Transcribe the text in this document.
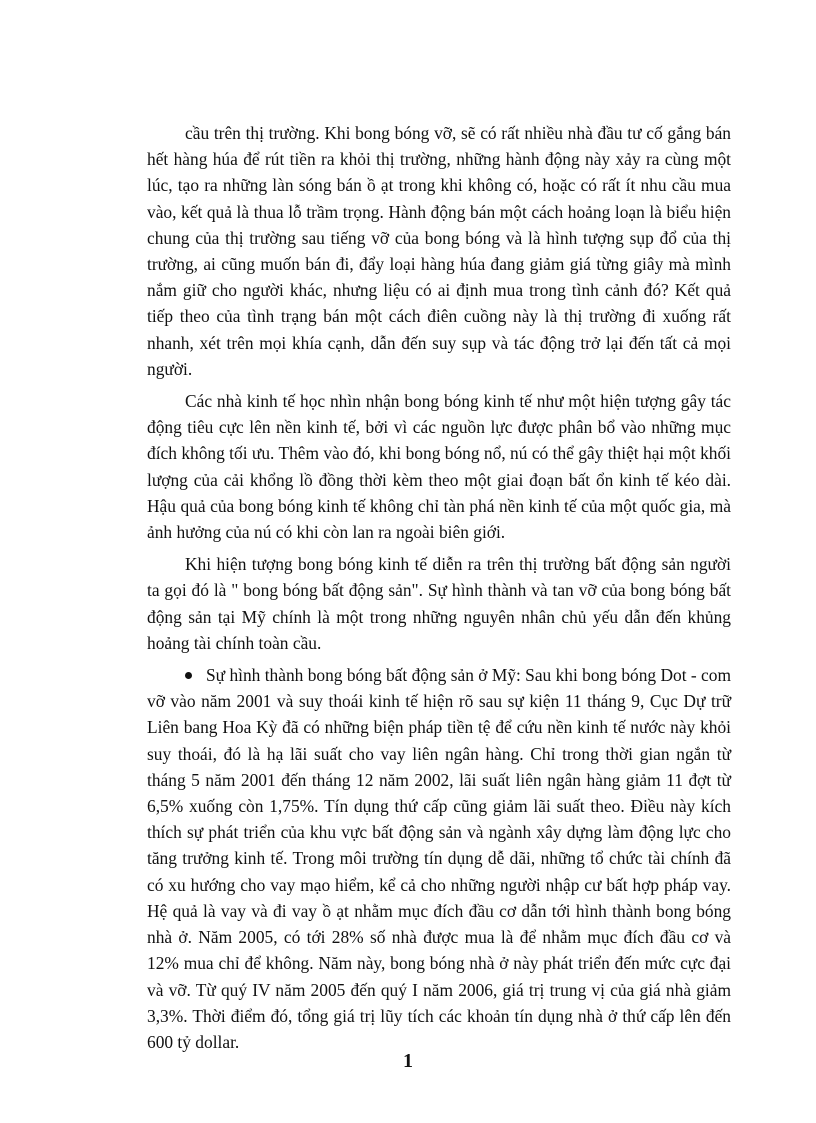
cầu trên thị trường. Khi bong bóng vỡ, sẽ có rất nhiều nhà đầu tư cố gắng bán hết hàng húa để rút tiền ra khỏi thị trường, những hành động này xảy ra cùng một lúc, tạo ra những làn sóng bán ồ ạt trong khi không có, hoặc có rất ít nhu cầu mua vào, kết quả là thua lỗ trầm trọng. Hành động bán một cách hoảng loạn là biểu hiện chung của thị trường sau tiếng vỡ của bong bóng và là hình tượng sụp đổ của thị trường, ai cũng muốn bán đi, đẩy loại hàng húa đang giảm giá từng giây mà mình nắm giữ cho người khác, nhưng liệu có ai định mua trong tình cảnh đó? Kết quả tiếp theo của tình trạng bán một cách điên cuồng này là thị trường đi xuống rất nhanh, xét trên mọi khía cạnh, dẫn đến suy sụp và tác động trở lại đến tất cả mọi người.

Các nhà kinh tế học nhìn nhận bong bóng kinh tế như một hiện tượng gây tác động tiêu cực lên nền kinh tế, bởi vì các nguồn lực được phân bổ vào những mục đích không tối ưu. Thêm vào đó, khi bong bóng nổ, nú có thể gây thiệt hại một khối lượng của cải khổng lồ đồng thời kèm theo một giai đoạn bất ổn kinh tế kéo dài. Hậu quả của bong bóng kinh tế không chỉ tàn phá nền kinh tế của một quốc gia, mà ảnh hưởng của nú có khi còn lan ra ngoài biên giới.

Khi hiện tượng bong bóng kinh tế diễn ra trên thị trường bất động sản người ta gọi đó là " bong bóng bất động sản". Sự hình thành và tan vỡ của bong bóng bất động sản tại Mỹ chính là một trong những nguyên nhân chủ yếu dẫn đến khủng hoảng tài chính toàn cầu.

Sự hình thành bong bóng bất động sản ở Mỹ: Sau khi bong bóng Dot - com vỡ vào năm 2001 và suy thoái kinh tế hiện rõ sau sự kiện 11 tháng 9, Cục Dự trữ Liên bang Hoa Kỳ đã có những biện pháp tiền tệ để cứu nền kinh tế nước này khỏi suy thoái, đó là hạ lãi suất cho vay liên ngân hàng. Chỉ trong thời gian ngắn từ tháng 5 năm 2001 đến tháng 12 năm 2002, lãi suất liên ngân hàng giảm 11 đợt từ 6,5% xuống còn 1,75%. Tín dụng thứ cấp cũng giảm lãi suất theo. Điều này kích thích sự phát triển của khu vực bất động sản và ngành xây dựng làm động lực cho tăng trưởng kinh tế. Trong môi trường tín dụng dễ dãi, những tổ chức tài chính đã có xu hướng cho vay mạo hiểm, kể cả cho những người nhập cư bất hợp pháp vay. Hệ quả là vay và đi vay ồ ạt nhằm mục đích đầu cơ dẫn tới hình thành bong bóng nhà ở. Năm 2005, có tới 28% số nhà được mua là để nhằm mục đích đầu cơ và 12% mua chỉ để không. Năm này, bong bóng nhà ở này phát triển đến mức cực đại và vỡ. Từ quý IV năm 2005 đến quý I năm 2006, giá trị trung vị của giá nhà giảm 3,3%. Thời điểm đó, tổng giá trị lũy tích các khoản tín dụng nhà ở thứ cấp lên đến 600 tỷ dollar.

1
